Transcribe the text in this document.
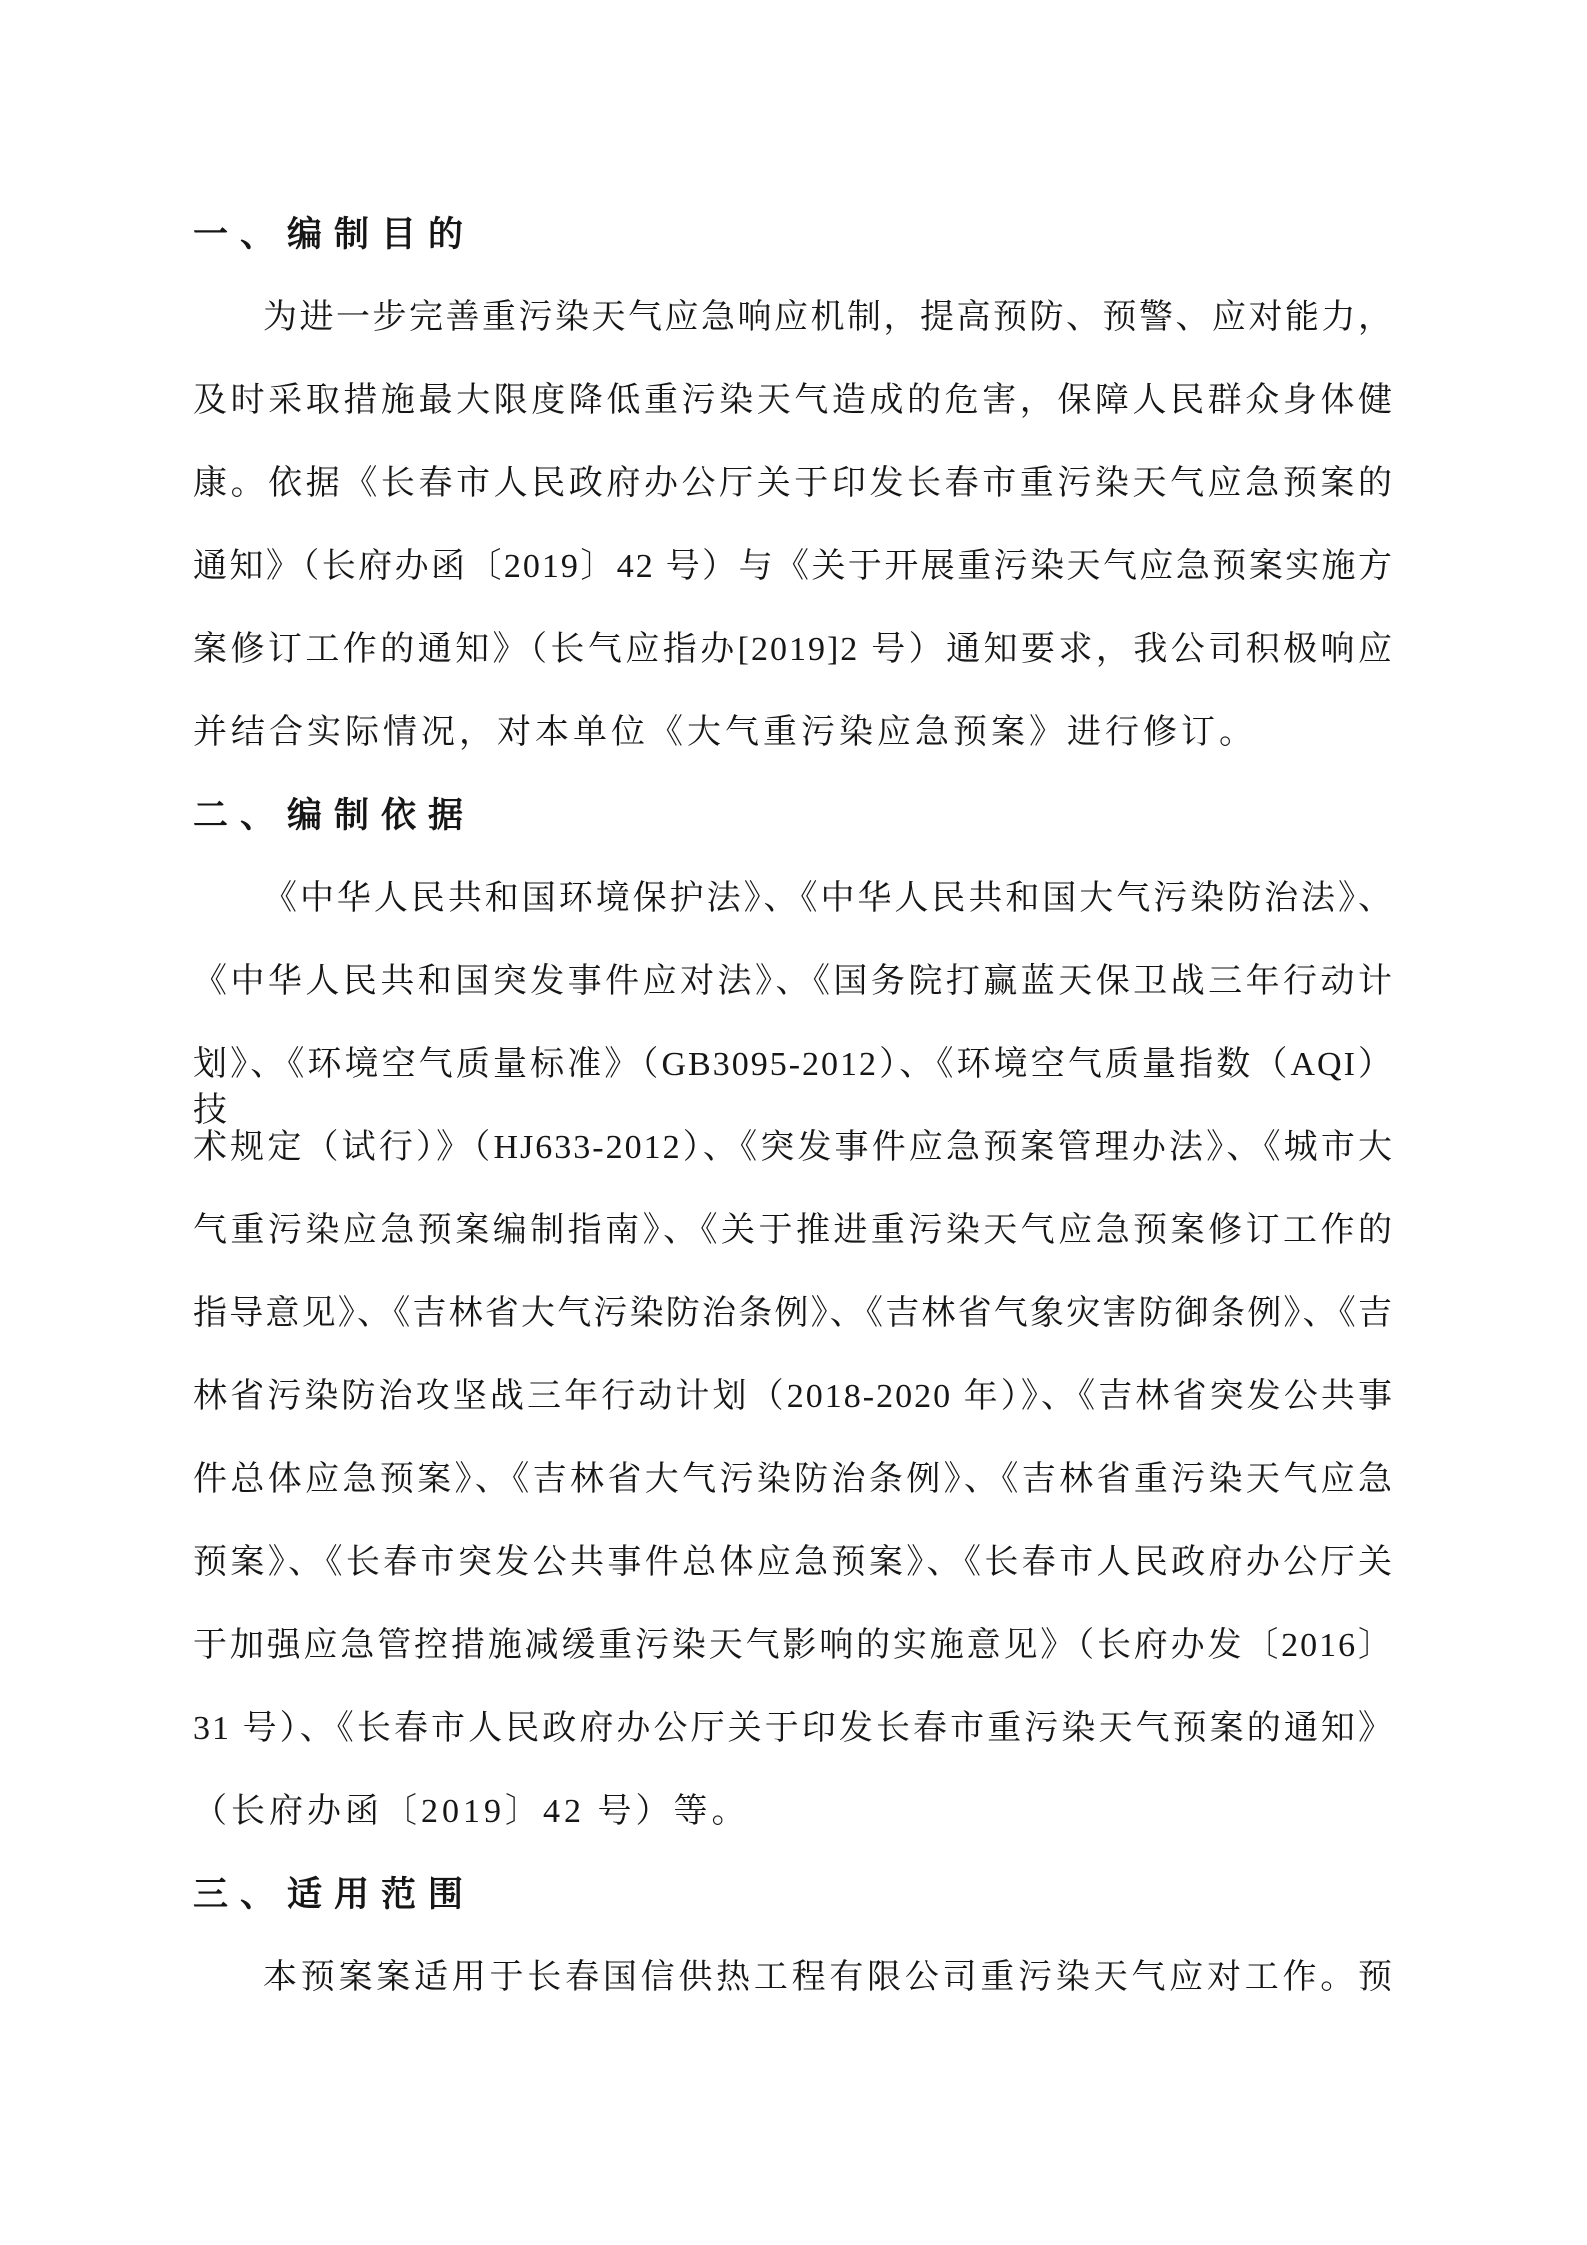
一、编制目的
为进一步完善重污染天气应急响应机制，提高预防、预警、应对能力，
及时采取措施最大限度降低重污染天气造成的危害，保障人民群众身体健
康。依据《长春市人民政府办公厅关于印发长春市重污染天气应急预案的
通知》（长府办函〔2019〕42 号）与《关于开展重污染天气应急预案实施方
案修订工作的通知》（长气应指办[2019]2 号）通知要求，我公司积极响应
并结合实际情况，对本单位《大气重污染应急预案》进行修订。
二、编制依据
《中华人民共和国环境保护法》、《中华人民共和国大气污染防治法》、
《中华人民共和国突发事件应对法》、《国务院打赢蓝天保卫战三年行动计
划》、《环境空气质量标准》（GB3095-2012）、《环境空气质量指数（AQI）技
术规定（试行）》（HJ633-2012）、《突发事件应急预案管理办法》、《城市大
气重污染应急预案编制指南》、《关于推进重污染天气应急预案修订工作的
指导意见》、《吉林省大气污染防治条例》、《吉林省气象灾害防御条例》、《吉
林省污染防治攻坚战三年行动计划（2018-2020 年）》、《吉林省突发公共事
件总体应急预案》、《吉林省大气污染防治条例》、《吉林省重污染天气应急
预案》、《长春市突发公共事件总体应急预案》、《长春市人民政府办公厅关
于加强应急管控措施减缓重污染天气影响的实施意见》（长府办发〔2016〕
31 号）、《长春市人民政府办公厅关于印发长春市重污染天气预案的通知》
（长府办函〔2019〕42 号）等。
三、适用范围
本预案案适用于长春国信供热工程有限公司重污染天气应对工作。预
